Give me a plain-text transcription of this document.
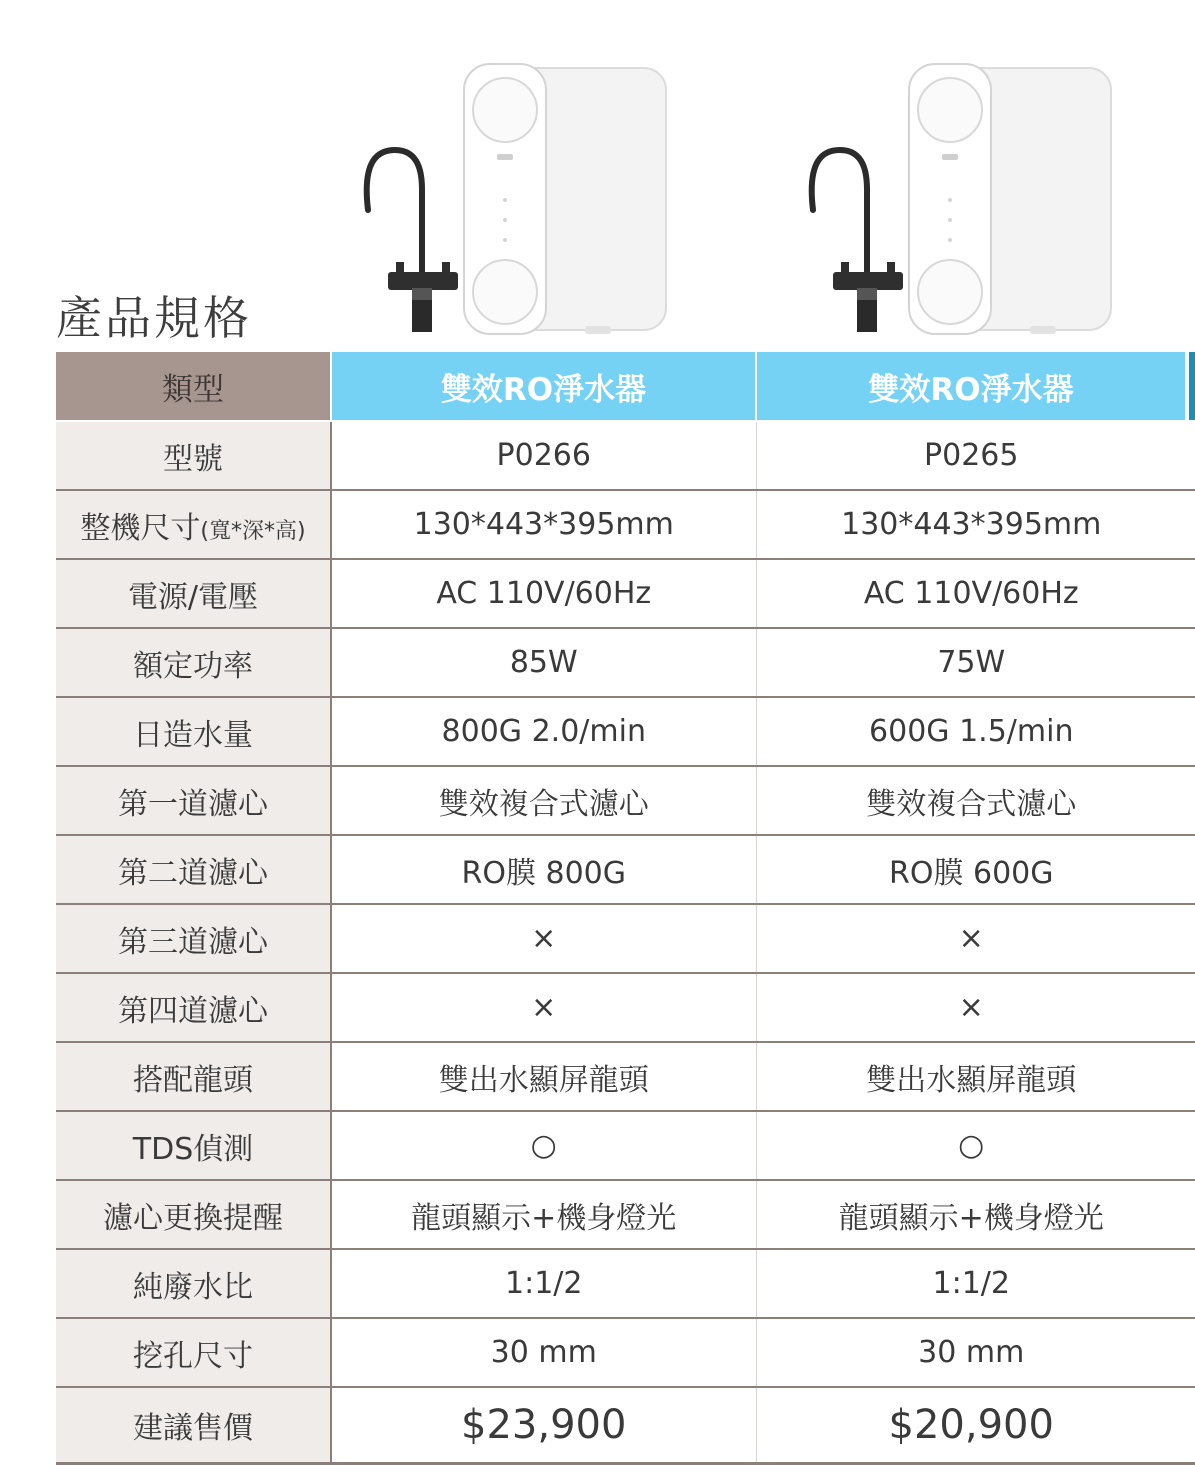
產品規格
類型	雙效RO淨水器	雙效RO淨水器	

型號	P0266	P0265	
整機尺寸(寬*深*高)	130*443*395mm	130*443*395mm	
電源/電壓	AC 110V/60Hz	AC 110V/60Hz	
額定功率	85W	75W	
日造水量	800G 2.0/min	600G 1.5/min	
第一道濾心	雙效複合式濾心	雙效複合式濾心	
第二道濾心	RO膜 800G	RO膜 600G	
第三道濾心	×	×	
第四道濾心	×	×	
搭配龍頭	雙出水顯屏龍頭	雙出水顯屏龍頭	
TDS偵測	○	○	
濾心更換提醒	龍頭顯示+機身燈光	龍頭顯示+機身燈光	
純廢水比	1:1/2	1:1/2	
挖孔尺寸	30 mm	30 mm	
建議售價	$23,900	$20,900	
